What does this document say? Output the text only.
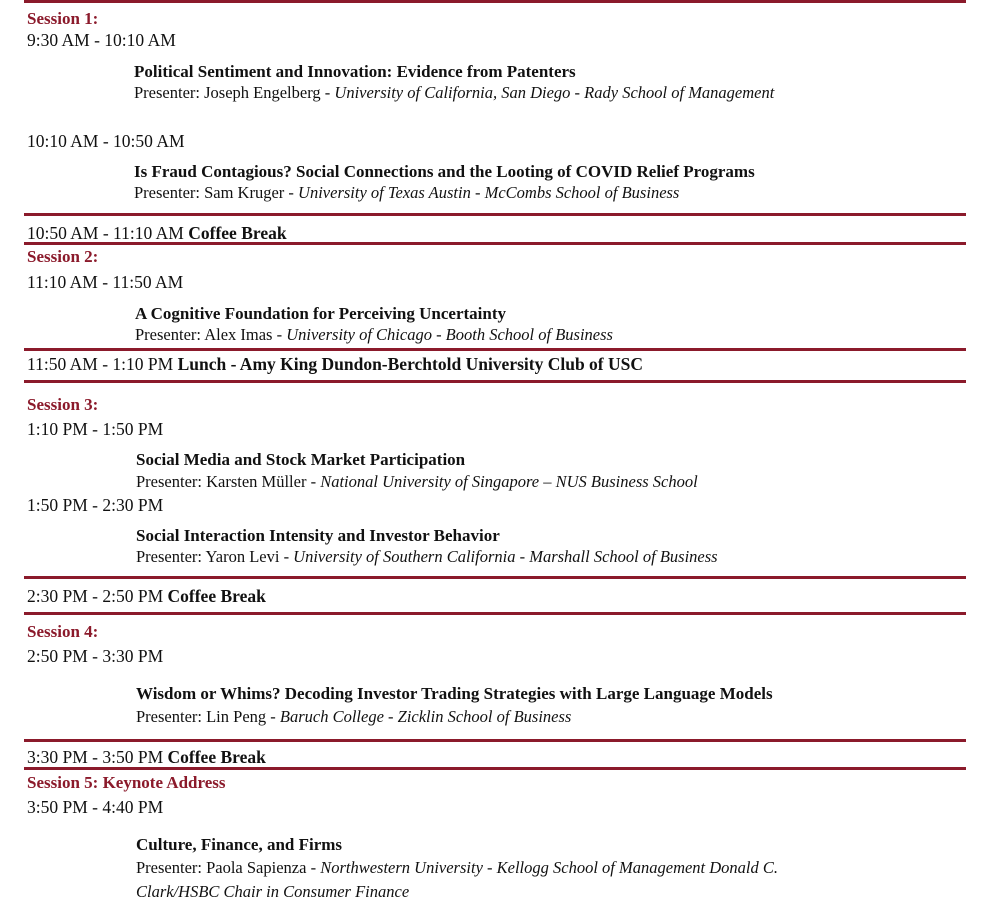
Session 1:
9:30 AM - 10:10 AM
Political Sentiment and Innovation: Evidence from Patenters
Presenter: Joseph Engelberg - University of California, San Diego - Rady School of Management
10:10 AM - 10:50 AM
Is Fraud Contagious? Social Connections and the Looting of COVID Relief Programs
Presenter: Sam Kruger - University of Texas Austin - McCombs School of Business
10:50 AM - 11:10 AM Coffee Break
Session 2:
11:10 AM - 11:50 AM
A Cognitive Foundation for Perceiving Uncertainty
Presenter: Alex Imas - University of Chicago - Booth School of Business
11:50 AM - 1:10 PM Lunch - Amy King Dundon-Berchtold University Club of USC
Session 3:
1:10 PM - 1:50 PM
Social Media and Stock Market Participation
Presenter: Karsten Müller - National University of Singapore – NUS Business School
1:50 PM - 2:30 PM
Social Interaction Intensity and Investor Behavior
Presenter: Yaron Levi - University of Southern California - Marshall School of Business
2:30 PM - 2:50 PM Coffee Break
Session 4:
2:50 PM - 3:30 PM
Wisdom or Whims? Decoding Investor Trading Strategies with Large Language Models
Presenter: Lin Peng - Baruch College - Zicklin School of Business
3:30 PM - 3:50 PM Coffee Break
Session 5: Keynote Address
3:50 PM - 4:40 PM
Culture, Finance, and Firms
Presenter: Paola Sapienza - Northwestern University - Kellogg School of Management Donald C.
Clark/HSBC Chair in Consumer Finance
